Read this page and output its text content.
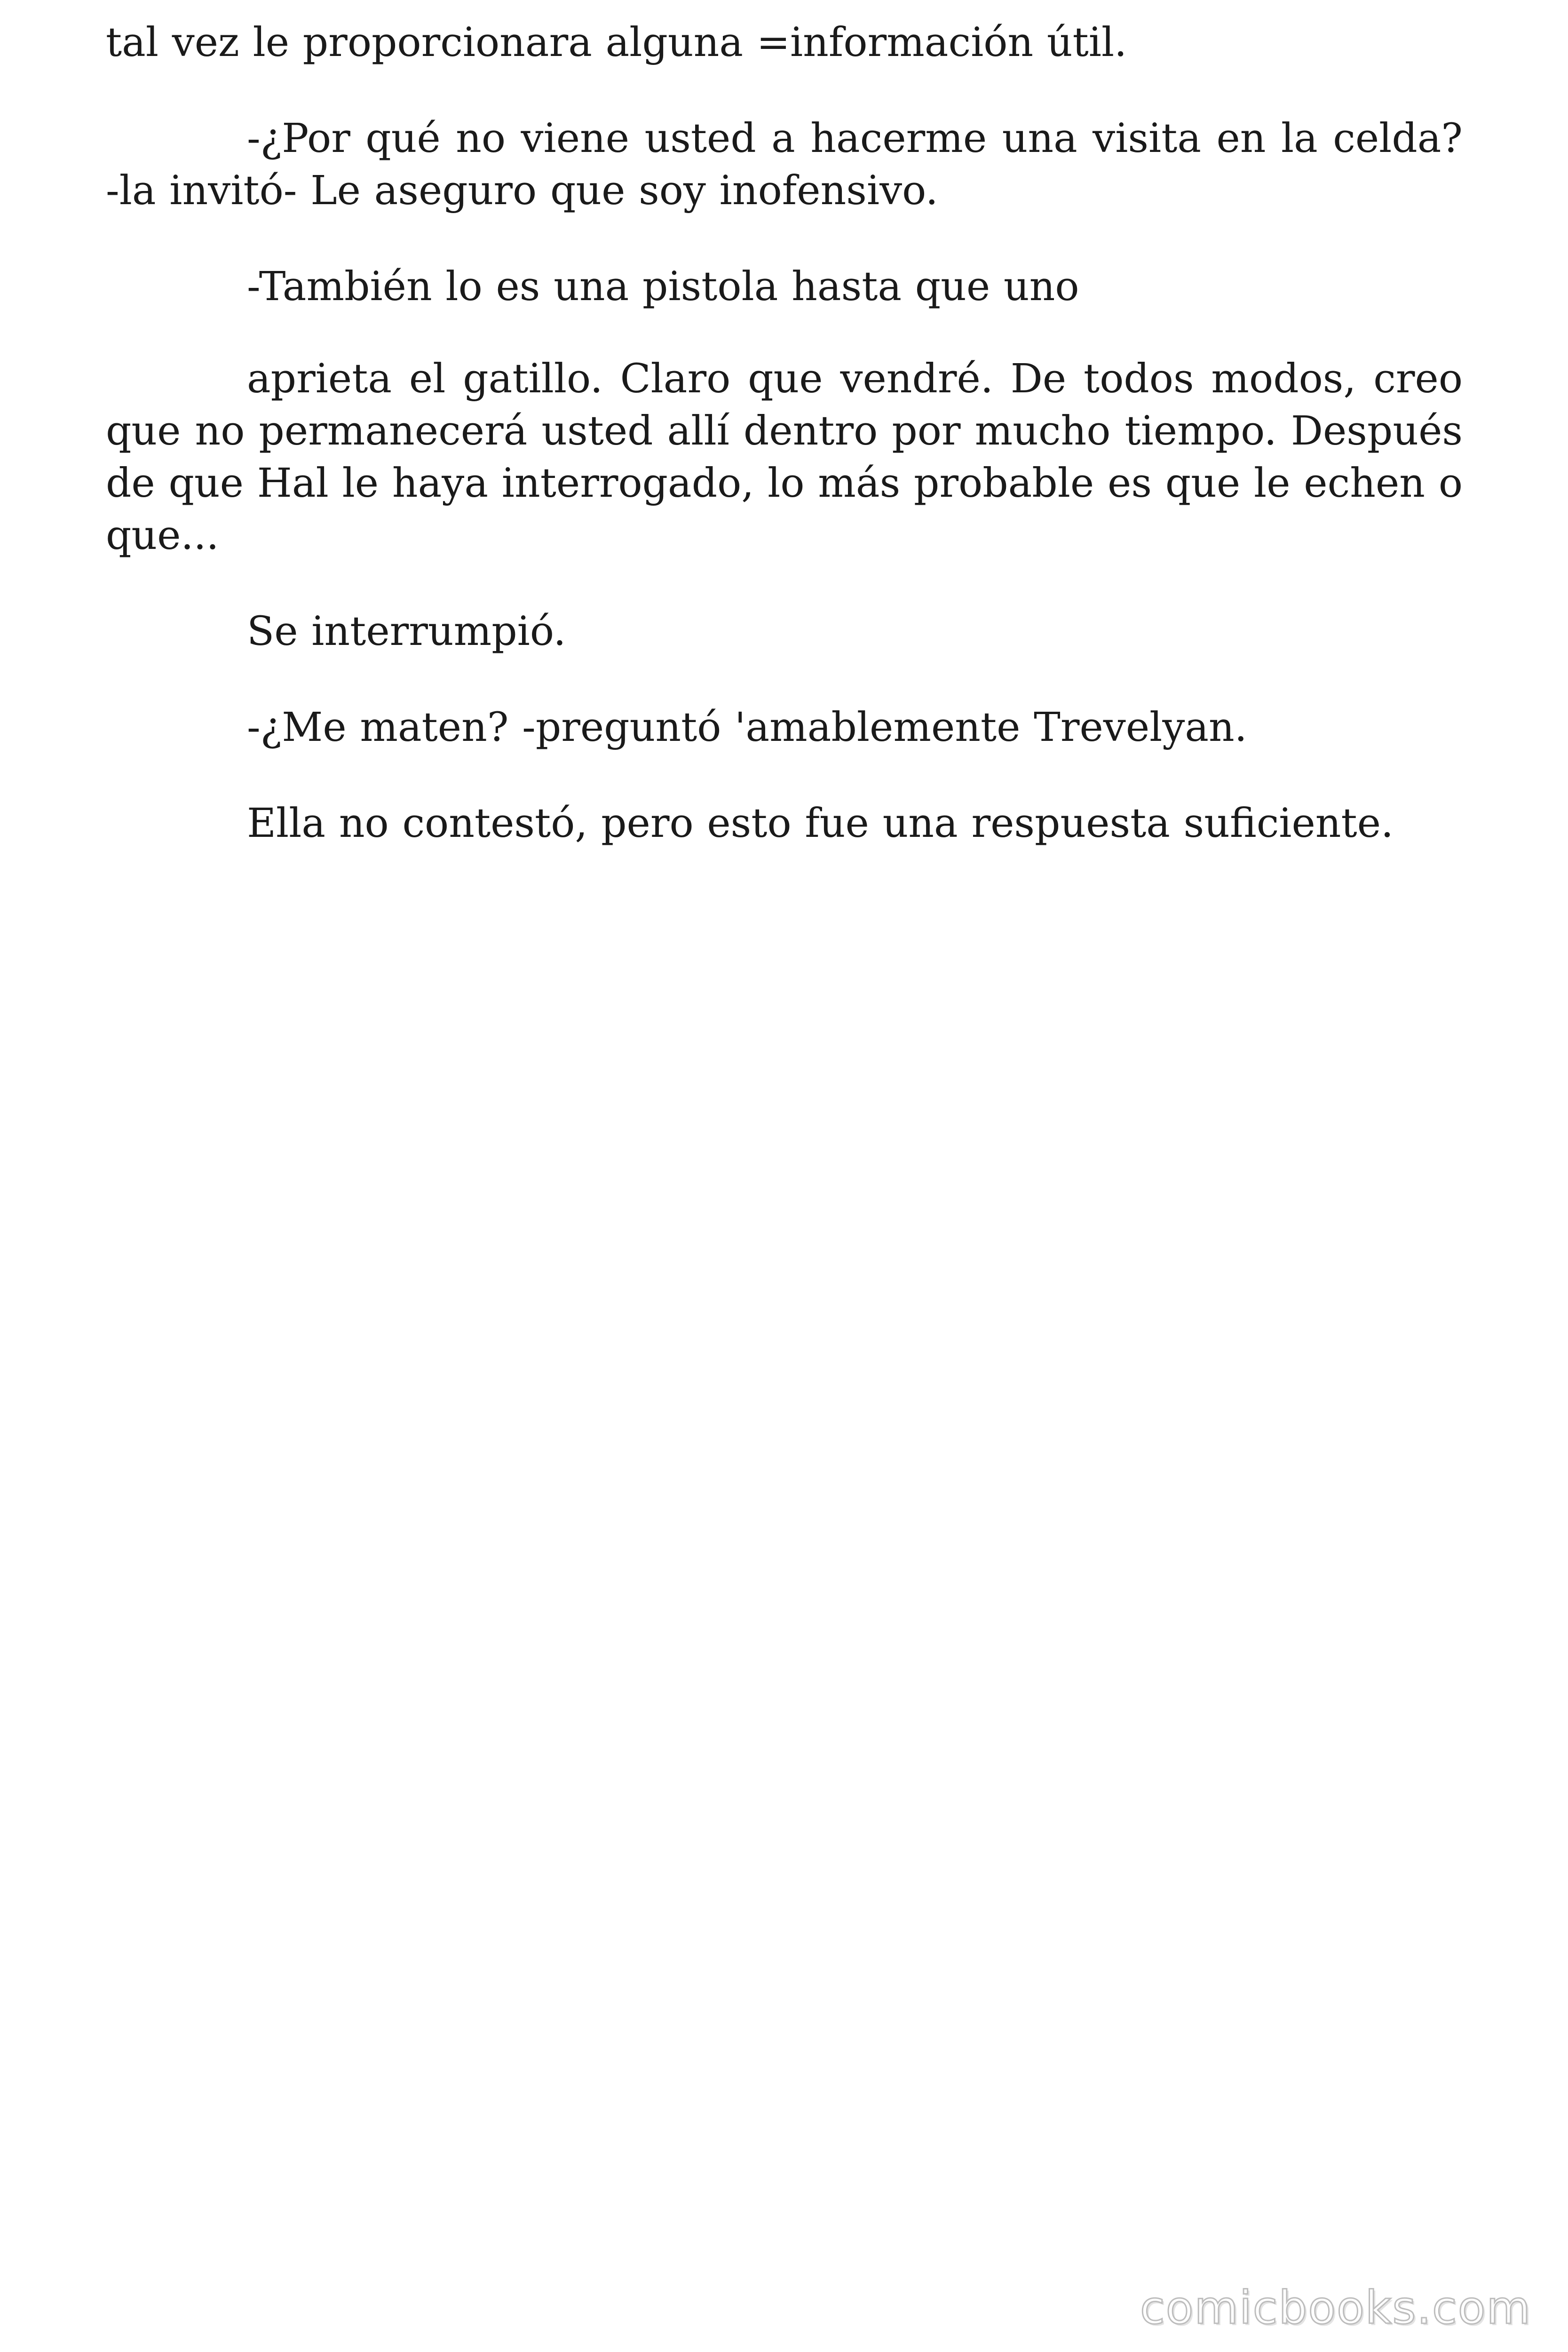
tal vez le proporcionara alguna =información útil.

-¿Por qué no viene usted a hacerme una visita en la celda? -la invitó- Le aseguro que soy inofensivo.

-También lo es una pistola hasta que uno

aprieta el gatillo. Claro que vendré. De todos modos, creo que no permanecerá usted allí dentro por mucho tiempo. Después de que Hal le haya interrogado, lo más probable es que le echen o que...

Se interrumpió.

-¿Me maten? -preguntó 'amablemente Trevelyan.

Ella no contestó, pero esto fue una respuesta suficiente.

comicbooks.com
